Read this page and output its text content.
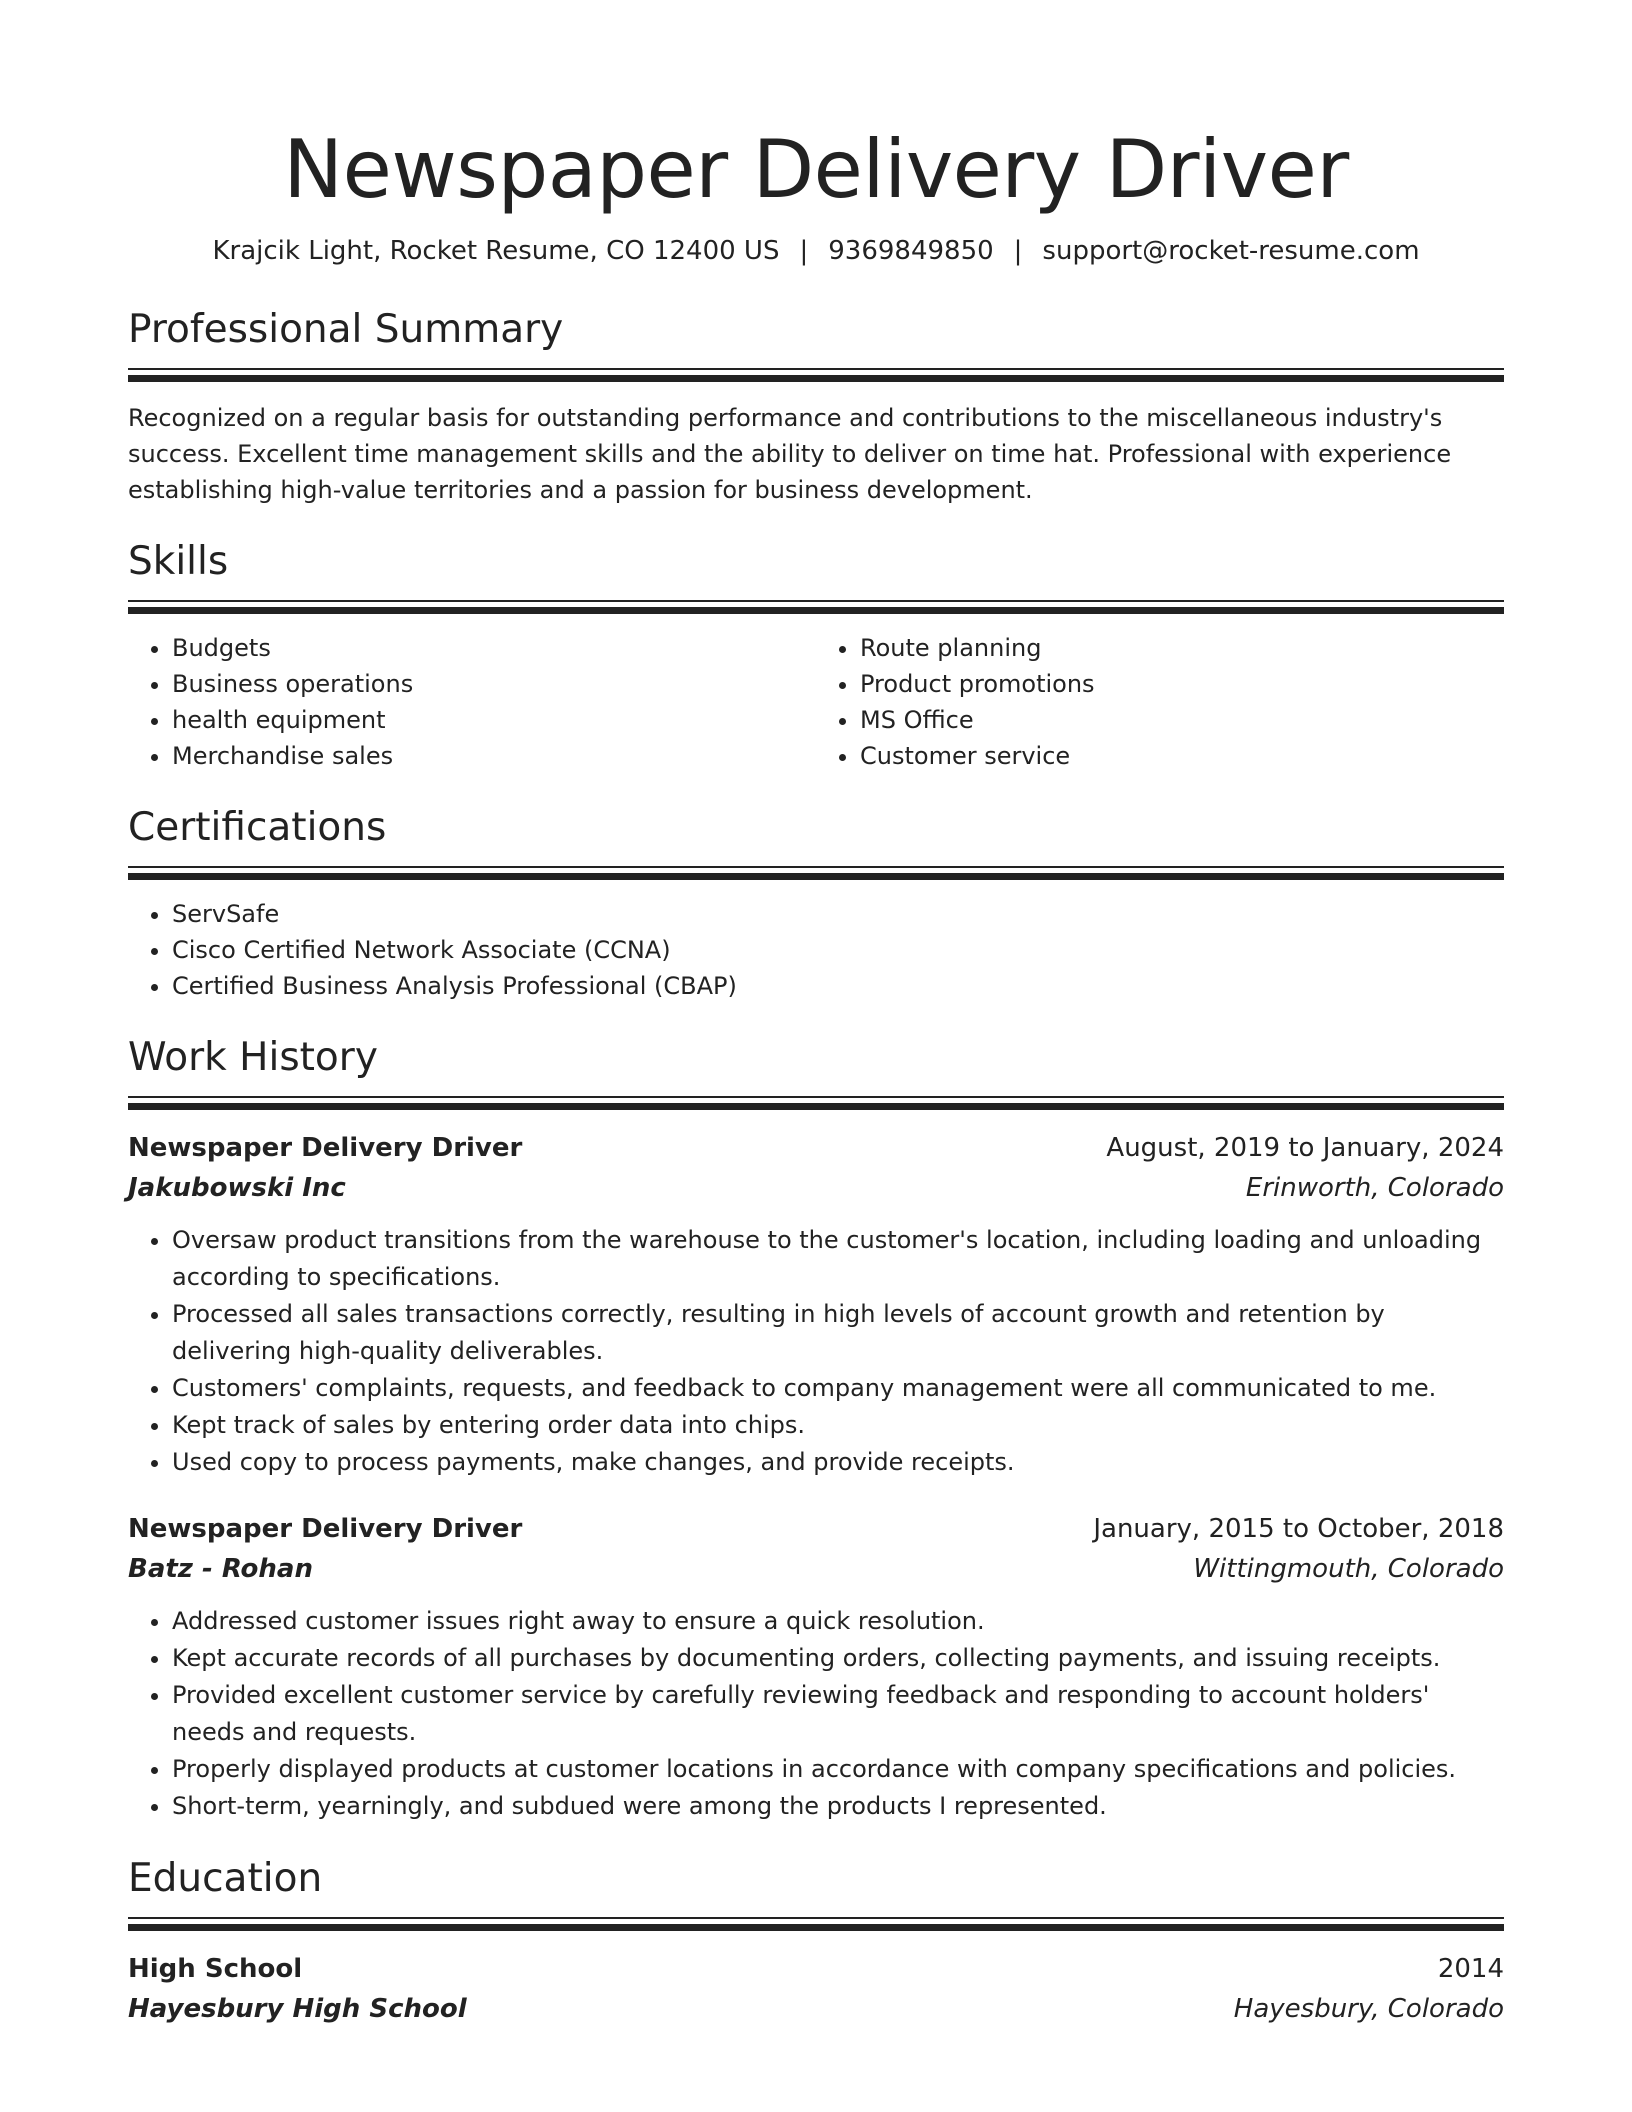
Newspaper Delivery Driver
Krajcik Light, Rocket Resume, CO 12400 US | 9369849850 | support@rocket-resume.com
Professional Summary

Recognized on a regular basis for outstanding performance and contributions to the miscellaneous industry's success. Excellent time management skills and the ability to deliver on time hat. Professional with experience establishing high-value territories and a passion for business development.

Skills
• Budgets
• Business operations
• health equipment
• Merchandise sales
• Route planning
• Product promotions
• MS Office
• Customer service
Certifications
• ServSafe
• Cisco Certified Network Associate (CCNA)
• Certified Business Analysis Professional (CBAP)
Work History
Newspaper Delivery Driver	August, 2019 to January, 2024
Jakubowski Inc	Erinworth, Colorado
• Oversaw product transitions from the warehouse to the customer's location, including loading and unloading according to specifications.
• Processed all sales transactions correctly, resulting in high levels of account growth and retention by delivering high-quality deliverables.
• Customers' complaints, requests, and feedback to company management were all communicated to me.
• Kept track of sales by entering order data into chips.
• Used copy to process payments, make changes, and provide receipts.
Newspaper Delivery Driver	January, 2015 to October, 2018
Batz - Rohan	Wittingmouth, Colorado
• Addressed customer issues right away to ensure a quick resolution.
• Kept accurate records of all purchases by documenting orders, collecting payments, and issuing receipts.
• Provided excellent customer service by carefully reviewing feedback and responding to account holders' needs and requests.
• Properly displayed products at customer locations in accordance with company specifications and policies.
• Short-term, yearningly, and subdued were among the products I represented.
Education
High School	2014
Hayesbury High School	Hayesbury, Colorado
